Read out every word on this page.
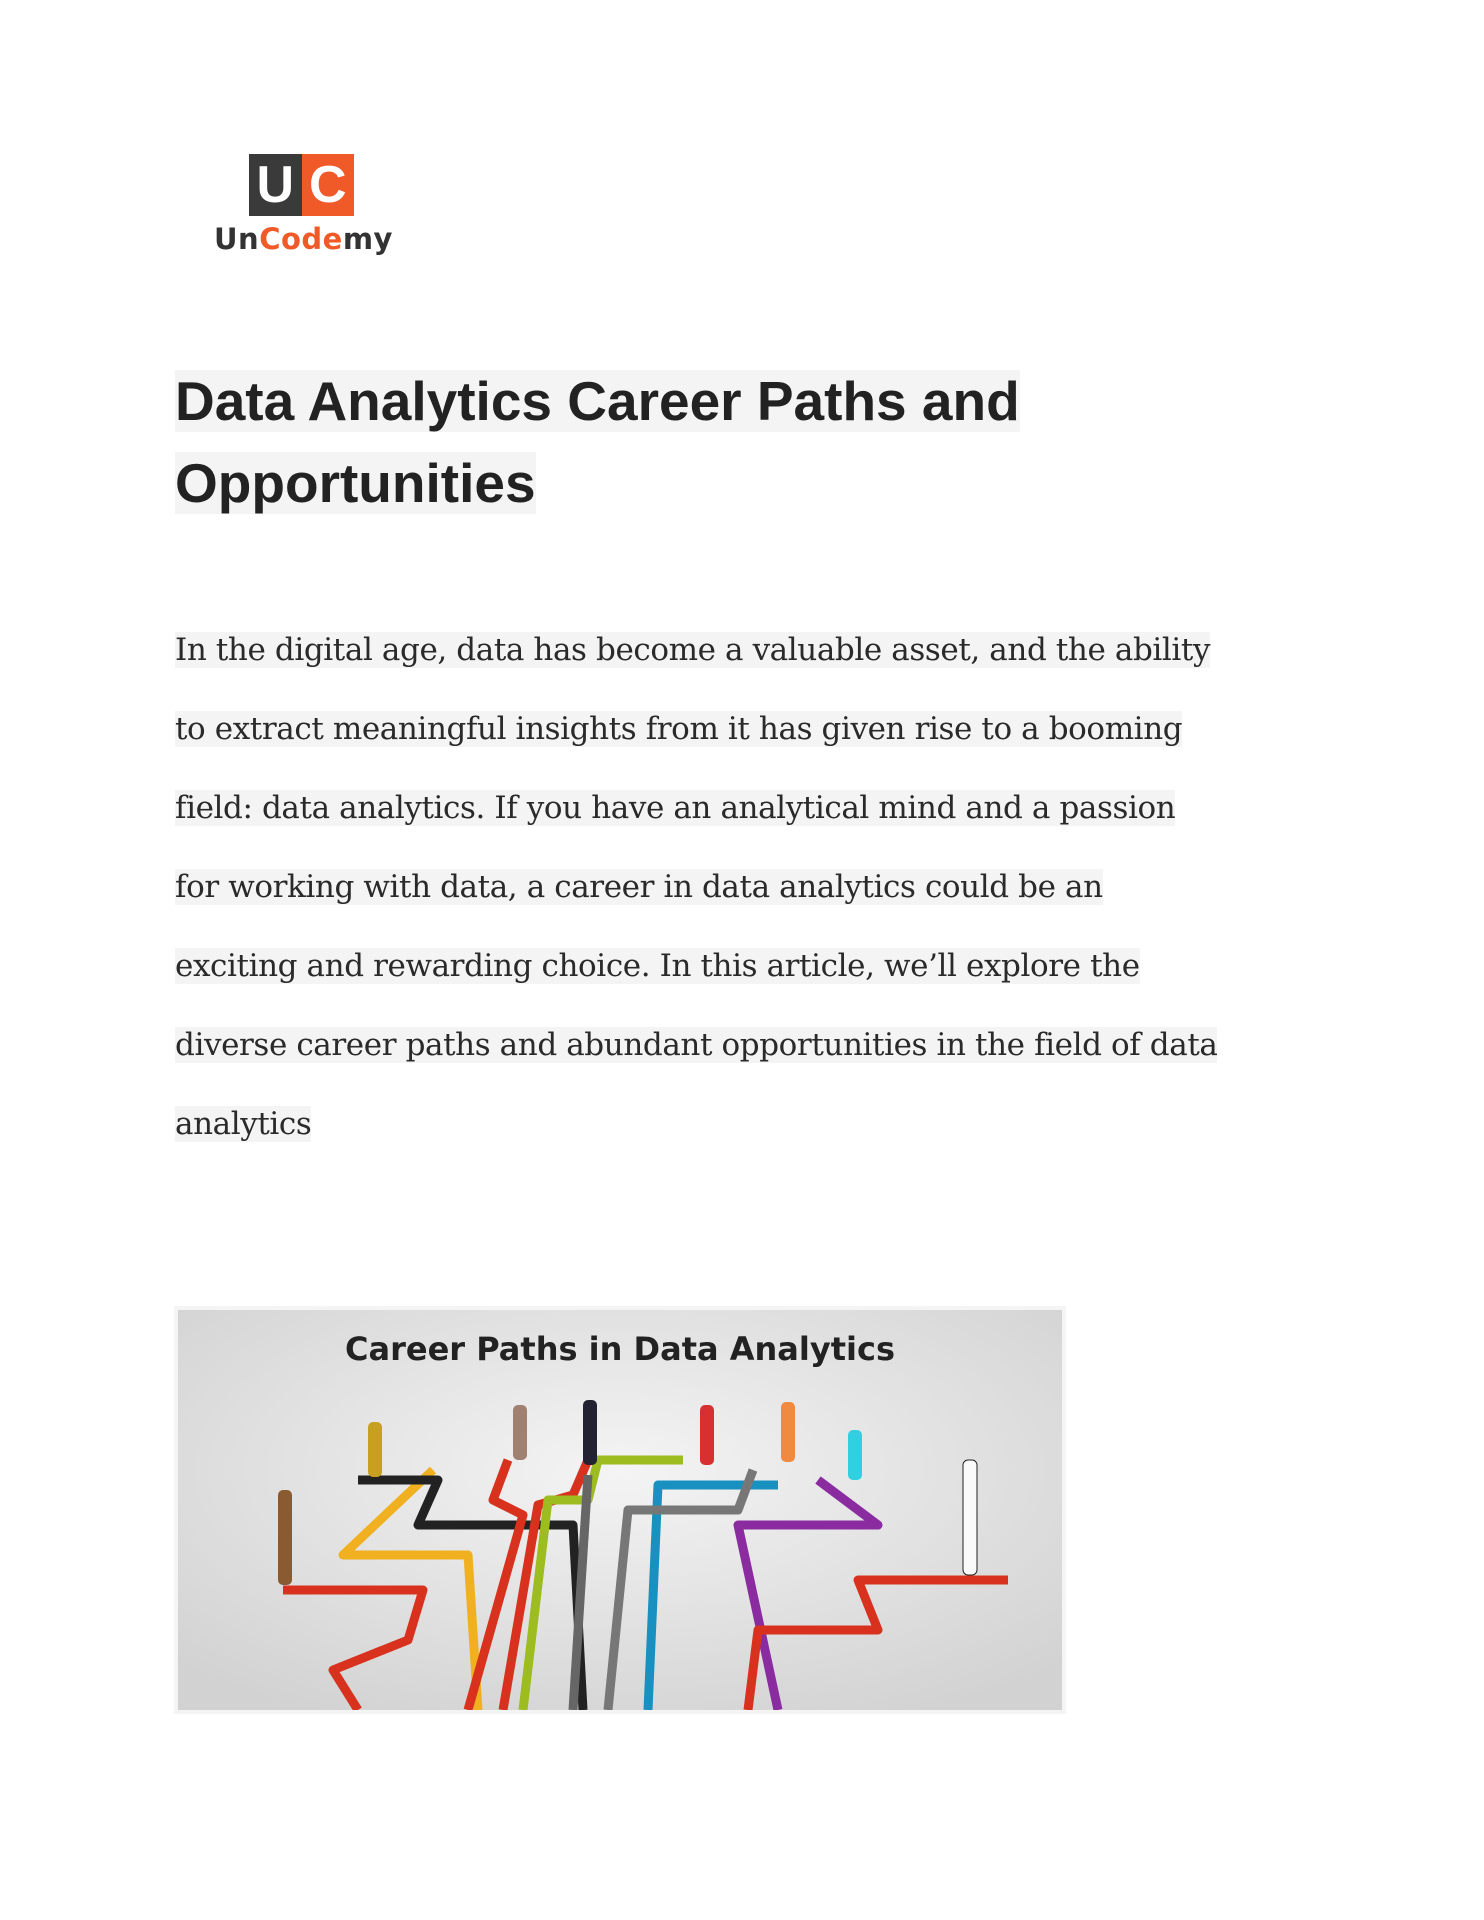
U C
UnCodemy
Data Analytics Career Paths and
Opportunities
In the digital age, data has become a valuable asset, and the ability
to extract meaningful insights from it has given rise to a booming
field: data analytics. If you have an analytical mind and a passion
for working with data, a career in data analytics could be an
exciting and rewarding choice. In this article, we’ll explore the
diverse career paths and abundant opportunities in the field of data
analytics
Career Paths in Data Analytics
